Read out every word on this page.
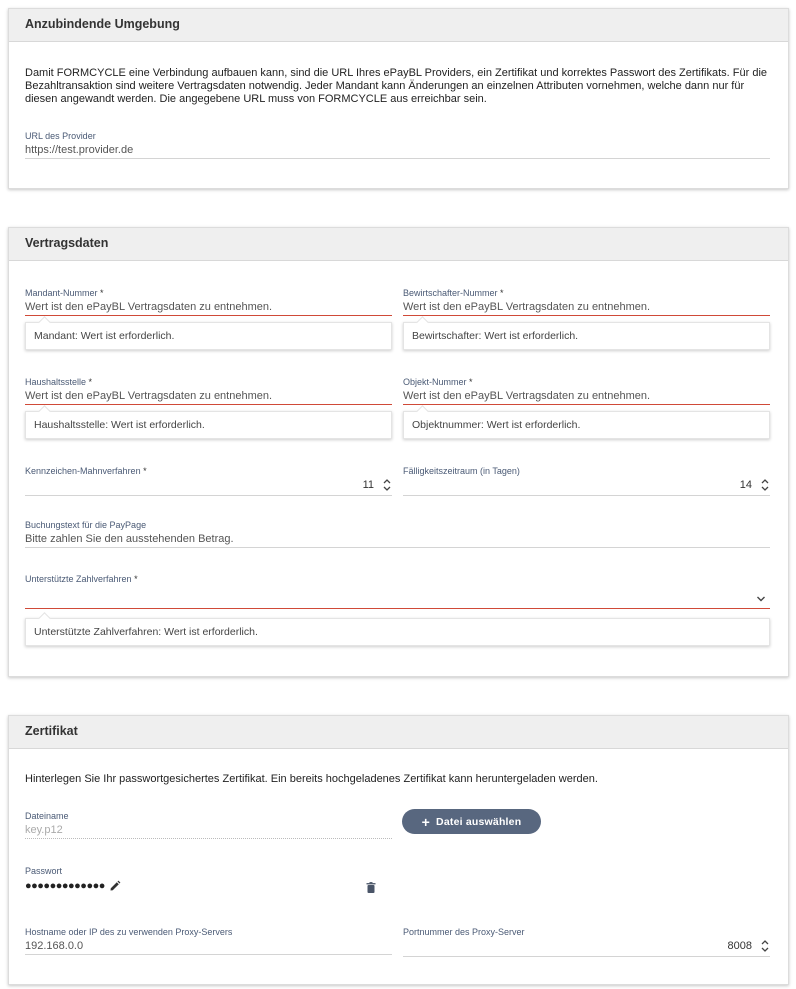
Anzubindende Umgebung
Damit FORMCYCLE eine Verbindung aufbauen kann, sind die URL Ihres ePayBL Providers, ein Zertifikat und korrektes Passwort des Zertifikats. Für die Bezahltransaktion sind weitere Vertragsdaten notwendig. Jeder Mandant kann Änderungen an einzelnen Attributen vornehmen, welche dann nur für diesen angewandt werden. Die angegebene URL muss von FORMCYCLE aus erreichbar sein.
URL des Provider
https://test.provider.de
Vertragsdaten
Mandant-Nummer *
Wert ist den ePayBL Vertragsdaten zu entnehmen.
Mandant: Wert ist erforderlich.
Bewirtschafter-Nummer *
Wert ist den ePayBL Vertragsdaten zu entnehmen.
Bewirtschafter: Wert ist erforderlich.
Haushaltsstelle *
Wert ist den ePayBL Vertragsdaten zu entnehmen.
Haushaltsstelle: Wert ist erforderlich.
Objekt-Nummer *
Wert ist den ePayBL Vertragsdaten zu entnehmen.
Objektnummer: Wert ist erforderlich.
Kennzeichen-Mahnverfahren *
11
Fälligkeitszeitraum (in Tagen)
14
Buchungstext für die PayPage
Bitte zahlen Sie den ausstehenden Betrag.
Unterstützte Zahlverfahren *
Unterstützte Zahlverfahren: Wert ist erforderlich.
Zertifikat
Hinterlegen Sie Ihr passwortgesichertes Zertifikat. Ein bereits hochgeladenes Zertifikat kann heruntergeladen werden.
Dateiname
key.p12
+ Datei auswählen
Passwort
●●●●●●●●●●●●●
Hostname oder IP des zu verwenden Proxy-Servers
192.168.0.0
Portnummer des Proxy-Server
8008
